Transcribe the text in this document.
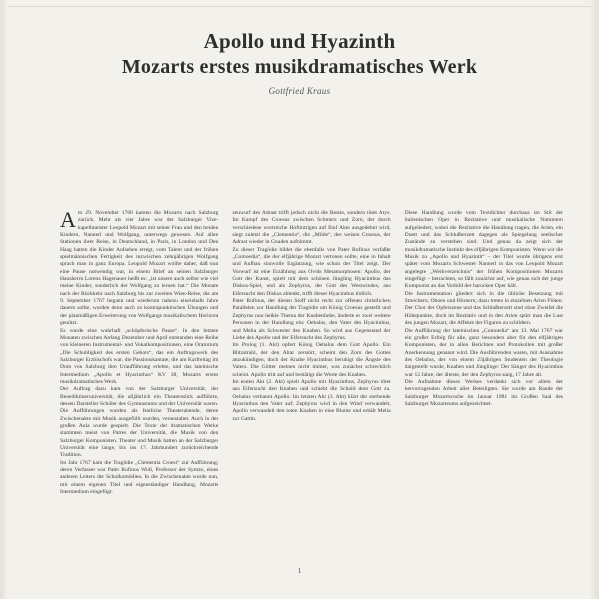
Apollo und Hyazinth
Mozarts erstes musikdramatisches Werk
Gottfried Kraus
A m 29. November 1766 kamen die Mozarts nach Salzburg zurück. Mehr als vier Jahre war der Salzburger Vize-kapellmeister Leopold Mozart mit seiner Frau und den beiden Kindern, Nannerl und Wolfgang, unterwegs gewesen. Auf allen Stationen ihrer Reise, in Deutschland, in Paris, in London und Den Haag hatten die Kinder Aufsehen erregt, vom Talent und der frühen spielmännischen Fertigkeit des inzwischen zehnjährigen Wolfgang sprach man in ganz Europa. Leopold Mozart wollte daher, daß nun eine Pause notwendig war, in einem Brief an seinen Salzburger Hausherrn Lorenz Hagenauer heißt es: „ist unsere auch selbst wie viel meine Kinder, sonderlich der Wolfgang zu lernen hat.“ Die Monate nach der Rückkehr nach Salzburg bis zur zweiten Wien-Reise, die am 9. September 1767 begann und wiederum nahezu eineinhalb Jahre dauern sollte, wurden denn auch zu kontrapunktischen Übungen und der planmäßigen Erweiterung von Wolfgangs musikalischem Horizont genützt.

Es wurde eine wahrhaft „schöpferische Pause“. In den letzten Monaten zwischen Anfang Dezember und April entstanden eine Reihe von kleineren Instrumental- und Vokalkompositionen, eine Oratorium „Die Schuldigkeit des ersten Gebots“, das ein Auftragswerk des Salzburger Erzbischofs war, die Passionskantate, die am Karfreitag im Dom von Salzburg ihre Uraufführung erlebte, und das lateinische Intermedium „Apollo et Hyacinthus“ KV 38, Mozarts erstes musikdramatisches Werk.

Der Auftrag dazu kam von der Salzburger Universität, der Benediktineruniversität, die alljährlich ein Theaterstück aufführte, dessen Darsteller Schüler des Gymnasiums und der Universität waren. Die Aufführungen wurden als festliche Theaterabende, deren Zwischenakte mit Musik ausgefüllt wurden, veranstaltet. Auch in der großen Aula wurde gespielt. Die Texte der dramatischen Werke stammten meist von Patres der Universität, die Musik von den Salzburger Komponisten. Theater und Musik hatten an der Salzburger Universität eine lange, bis ins 17. Jahrhundert zurückreichende Tradition.

Im Jahr 1767 kam die Tragödie „Clementia Croesi“ zur Aufführung; deren Verfasser war Pater Rufinus Widl, Professor der Syntax, eines anderen Leiters der Schulkomödien. In die Zwischenakte wurde nun, mit einem eigenen Titel und eigenständiger Handlung, Mozarts Intermedium eingefügt.

zeuwurf des Adrast trifft jedoch nicht die Bestie, sondern tötet Atys. Im Kampf des Croesus zwischen Schmerz und Zorn, der durch verschiedene wortreiche Hoftintrigen auf fünf Akte ausgedehnt wird, siegt zuletzt die „Clementia“, die „Milde“, des weisen Croesus, der Adrast wieder in Gnaden aufnimmt.

Zu dieser Tragödie bildet die ebenfalls von Pater Rufinus verfaßte „Comoedia“, die der elfjährige Mozart vertonen sollte, eine in Inhalt und Aufbau sinnvolle Ergänzung, wie schon der Titel zeigt. Der Vorwurf ist eine Erzählung aus Ovids Metamorphosen: Apollo, der Gott der Kunst, spielt mit dem schönen Jüngling Hyacinthus das Diskus-Spiel, und als Zephyrus, der Gott des Westwindes, aus Eifersucht den Diskus ablenkt, trifft dieser Hyacinthus tödlich.

Pater Rufinus, der diesen Stoff nicht recht zur offenen christlichen Parallelen zur Handlung der Tragödie um König Croesus gestellt und Zephyrus nun heikle Thema der Knabenliebe, änderte er zwei weitere Personen in der Handlung ein: Oebalus, den Vater des Hyacinthus, und Melia als Schwester des Knaben. So wird aus Gegenstand der Liebe des Apollo und der Eifersucht des Zephyrus.

Im Prolog (1. Akt) opfert König Oebalus dem Gott Apollo. Ein Blitzstrahl, der den Altar zerstört, scheint den Zorn des Gottes anzukündigen, doch der Knabe Hyacinthus beruhigt die Ängste des Vaters. Die Götter meinen nicht immer, was zunächst schrecklich scheint. Apollo tritt auf und bestätigt die Worte des Knaben.

Im ersten Akt (2. Akt) spielt Apollo mit Hyacinthus, Zephyrus tötet aus Eifersucht den Knaben und schiebt die Schuld dem Gott zu. Oebalus verbannt Apollo. Im letzten Akt (3. Akt) klärt der sterbende Hyacinthus den Vater auf; Zephyrus wird in den Wind verwandelt, Apollo verwandelt den toten Knaben in eine Blume und erhält Melia zur Gattin.

Diese Handlung wurde vom Textdichter durchaus im Stil der italienischen Oper in Rezitative und musikalische Nummern aufgeliedert, wobei die Rezitative die Handlung tragen, die Arien, ein Duett und das Schlußterzett dagegen als Spiegelung seelischer Zustände zu verstehen sind. Und genau da zeigt sich der musikdramatische Instinkt des elfjährigen Komponisten. Wenn wir die Musik zu „Apollo und Hyazinth“ – der Titel wurde übrigens erst später vom Mozarts Schwester Nannerl in das von Leopold Mozart angelegte „Werkverzeichnis“ der frühen Kompositionen Mozarts eingefügt – betrachten, so fällt zunächst auf, wie genau sich der junge Komponist an das Vorbild der barocken Oper hält.

Die Instrumentation gliedert sich in die übliche Besetzung mit Streichern, Oboen und Hörnern; dazu treten in einzelnen Arien Flöten. Der Chor der Opferszene und das Schlußterzett sind ohne Zweifel die Höhepunkte, doch im Rezitativ und in den Arien spürt man die Lust des jungen Mozart, die Affekte der Figuren zu schildern.

Die Aufführung der lateinischen „Comoedia“ am 13. Mai 1767 war ein großer Erfolg für alle, ganz besonders aber für den elfjährigen Komponisten, der in allen Berichten und Protokollen mit großer Anerkennung genannt wird. Die Ausführenden waren, mit Ausnahme des Oebalus, der von einem 23jährigen Studenten der Theologie dargestellt wurde, Knaben und Jünglinge: Der Sänger des Hyacinthus war 12 Jahre, der älteste, der den Zephyrus sang, 17 Jahre alt.

Die Aufnahme dieses Werkes verdankt sich vor allem der hervorragenden Arbeit aller Beteiligten. Sie wurde am Rande der Salzburger Mozartwoche im Januar 1981 im Großen Saal des Salzburger Mozarteums aufgezeichnet.

1
